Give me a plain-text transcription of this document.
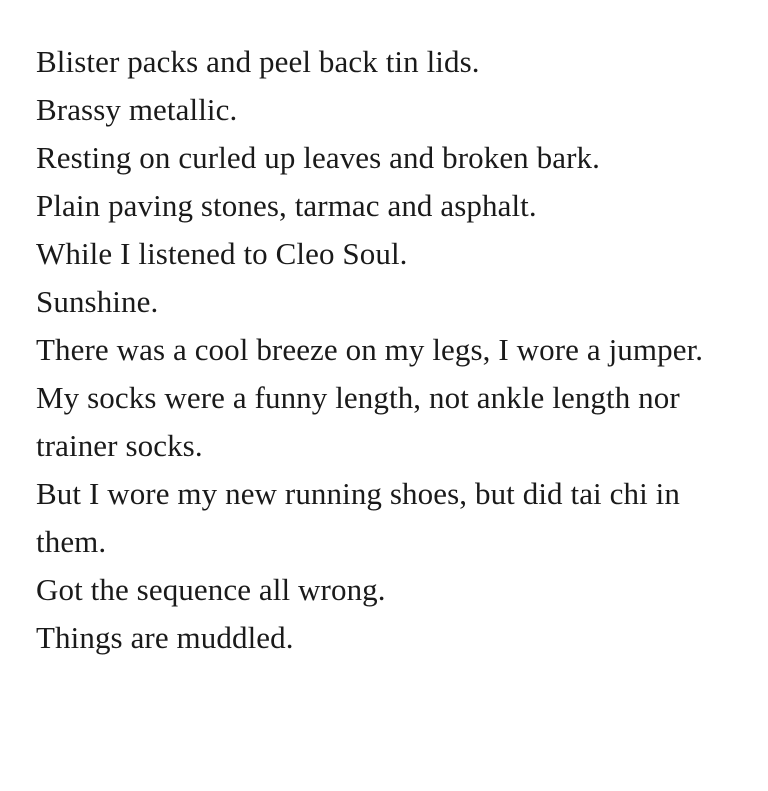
Blister packs and peel back tin lids.

Brassy metallic.

Resting on curled up leaves and broken bark.

Plain paving stones, tarmac and asphalt.

While I listened to Cleo Soul.

Sunshine.

There was a cool breeze on my legs, I wore a jumper.

My socks were a funny length, not ankle length nor trainer socks.

But I wore my new running shoes, but did tai chi in them.

Got the sequence all wrong.

Things are muddled.
